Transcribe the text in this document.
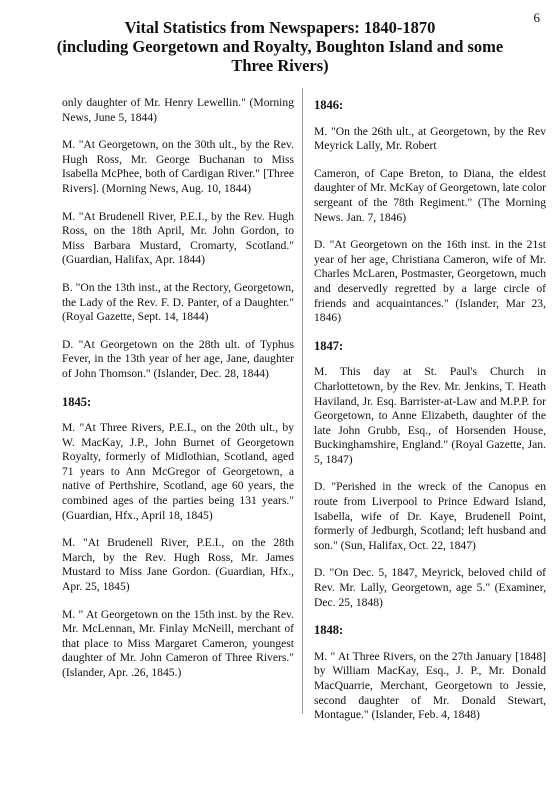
6
Vital Statistics from Newspapers: 1840-1870
(including Georgetown and Royalty, Boughton Island and some
Three Rivers)

only daughter of Mr. Henry Lewellin." (Morning News, June 5, 1844)

M. "At Georgetown, on the 30th ult., by the Rev. Hugh Ross, Mr. George Buchanan to Miss Isabella McPhee, both of Cardigan River." [Three Rivers]. (Morning News, Aug. 10, 1844)

M. "At Brudenell River, P.E.I., by the Rev. Hugh Ross, on the 18th April, Mr. John Gordon, to Miss Barbara Mustard, Cromarty, Scotland." (Guardian, Halifax, Apr. 1844)

B. "On the 13th inst., at the Rectory, Georgetown, the Lady of the Rev. F. D. Panter, of a Daughter." (Royal Gazette, Sept. 14, 1844)

D. "At Georgetown on the 28th ult. of Typhus Fever, in the 13th year of her age, Jane, daughter of John Thomson." (Islander, Dec. 28, 1844)

1845:

M. "At Three Rivers, P.E.I., on the 20th ult., by W. MacKay, J.P., John Burnet of Georgetown Royalty, formerly of Midlothian, Scotland, aged 71 years to Ann McGregor of Georgetown, a native of Perthshire, Scotland, age 60 years, the combined ages of the parties being 131 years." (Guardian, Hfx., April 18, 1845)

M. "At Brudenell River, P.E.I., on the 28th March, by the Rev. Hugh Ross, Mr. James Mustard to Miss Jane Gordon. (Guardian, Hfx., Apr. 25, 1845)

M. " At Georgetown on the 15th inst. by the Rev. Mr. McLennan, Mr. Finlay McNeill, merchant of that place to Miss Margaret Cameron, youngest daughter of Mr. John Cameron of Three Rivers." (Islander, Apr. .26, 1845.)

1846:

M. "On the 26th ult., at Georgetown, by the Rev Meyrick Lally, Mr. Robert

Cameron, of Cape Breton, to Diana, the eldest daughter of Mr. McKay of Georgetown, late color sergeant of the 78th Regiment." (The Morning News. Jan. 7, 1846)

D. "At Georgetown on the 16th inst. in the 21st year of her age, Christiana Cameron, wife of Mr. Charles McLaren, Postmaster, Georgetown, much and deservedly regretted by a large circle of friends and acquaintances." (Islander, Mar 23, 1846)

1847:

M. This day at St. Paul's Church in Charlottetown, by the Rev. Mr. Jenkins, T. Heath Haviland, Jr. Esq. Barrister-at-Law and M.P.P. for Georgetown, to Anne Elizabeth, daughter of the late John Grubb, Esq., of Horsenden House, Buckinghamshire, England." (Royal Gazette, Jan. 5, 1847)

D. "Perished in the wreck of the Canopus en route from Liverpool to Prince Edward Island, Isabella, wife of Dr. Kaye, Brudenell Point, formerly of Jedburgh, Scotland; left husband and son." (Sun, Halifax, Oct. 22, 1847)

D. "On Dec. 5, 1847, Meyrick, beloved child of Rev. Mr. Lally, Georgetown, age 5." (Examiner, Dec. 25, 1848)

1848:

M. " At Three Rivers, on the 27th January [1848] by William MacKay, Esq., J. P., Mr. Donald MacQuarrie, Merchant, Georgetown to Jessie, second daughter of Mr. Donald Stewart, Montague." (Islander, Feb. 4, 1848)
